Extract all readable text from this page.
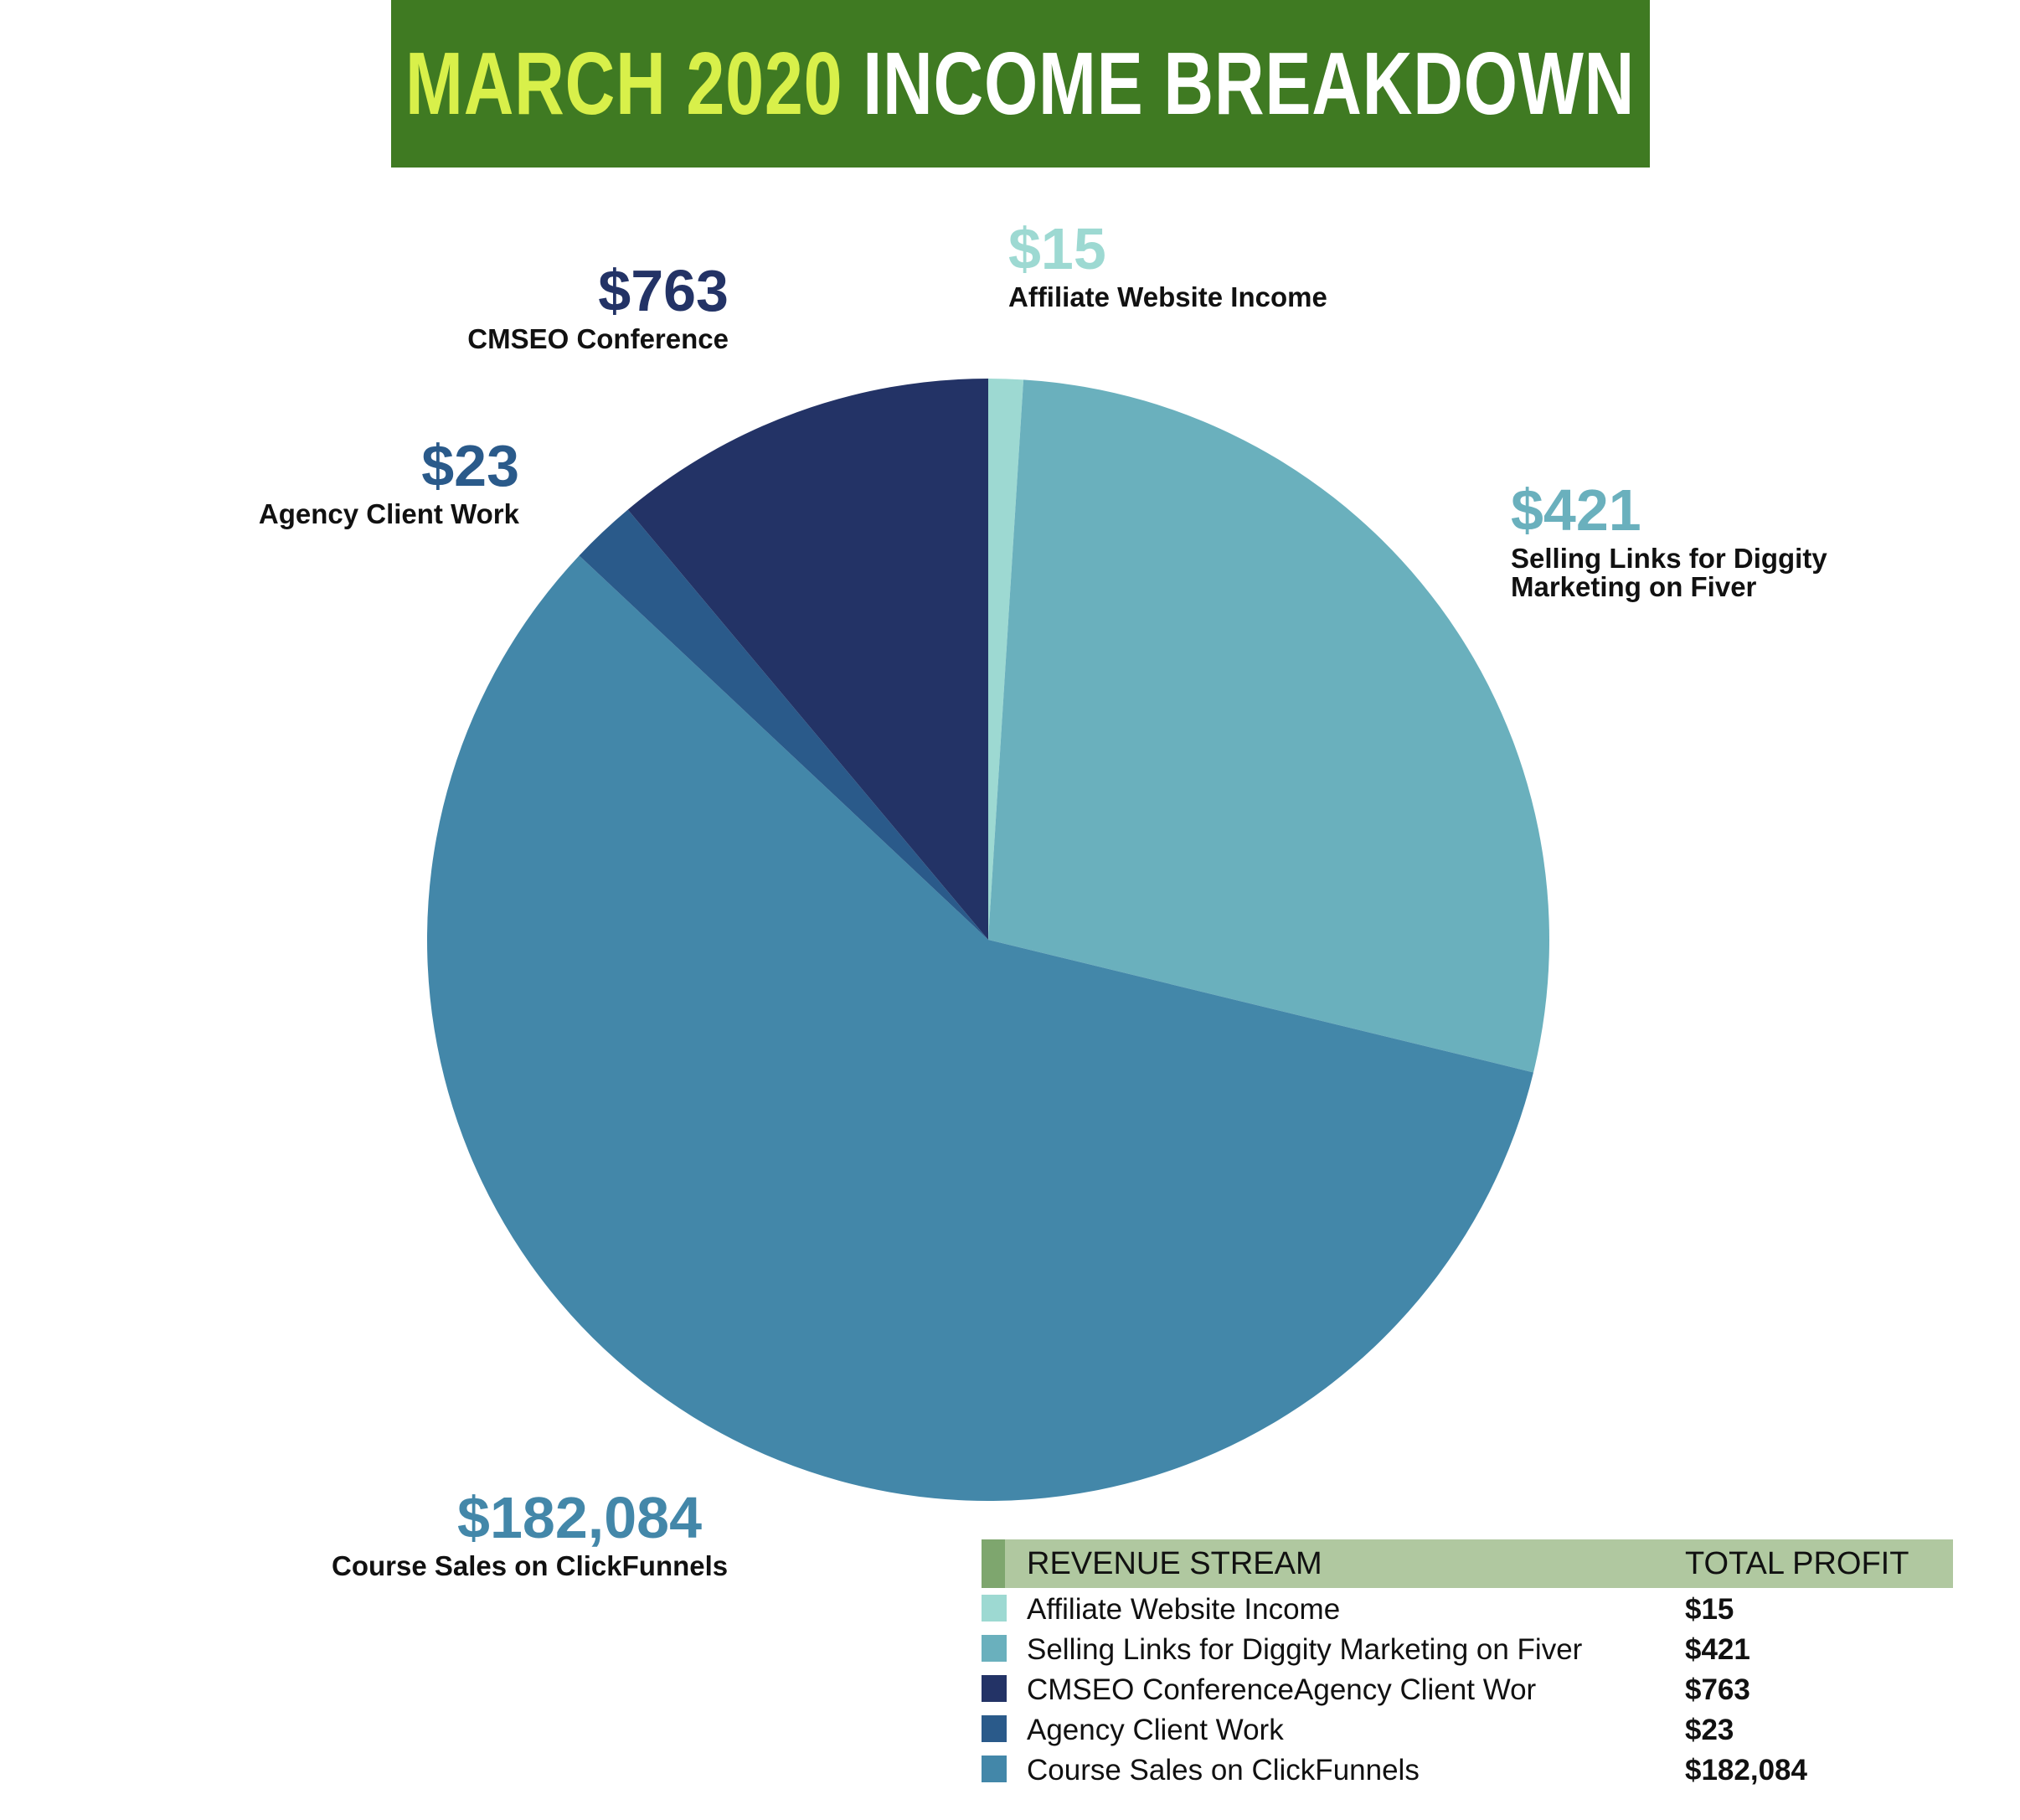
MARCH 2020 INCOME BREAKDOWN
$15
Affiliate Website Income
$421
Selling Links for Diggity
Marketing on Fiver
$182,084
Course Sales on ClickFunnels
$23
Agency Client Work
$763
CMSEO Conference
REVENUE STREAM	TOTAL PROFIT
Affiliate Website Income	$15
Selling Links for Diggity Marketing on Fiver	$421
CMSEO ConferenceAgency Client Wor	$763
Agency Client Work	$23
Course Sales on ClickFunnels	$182,084
